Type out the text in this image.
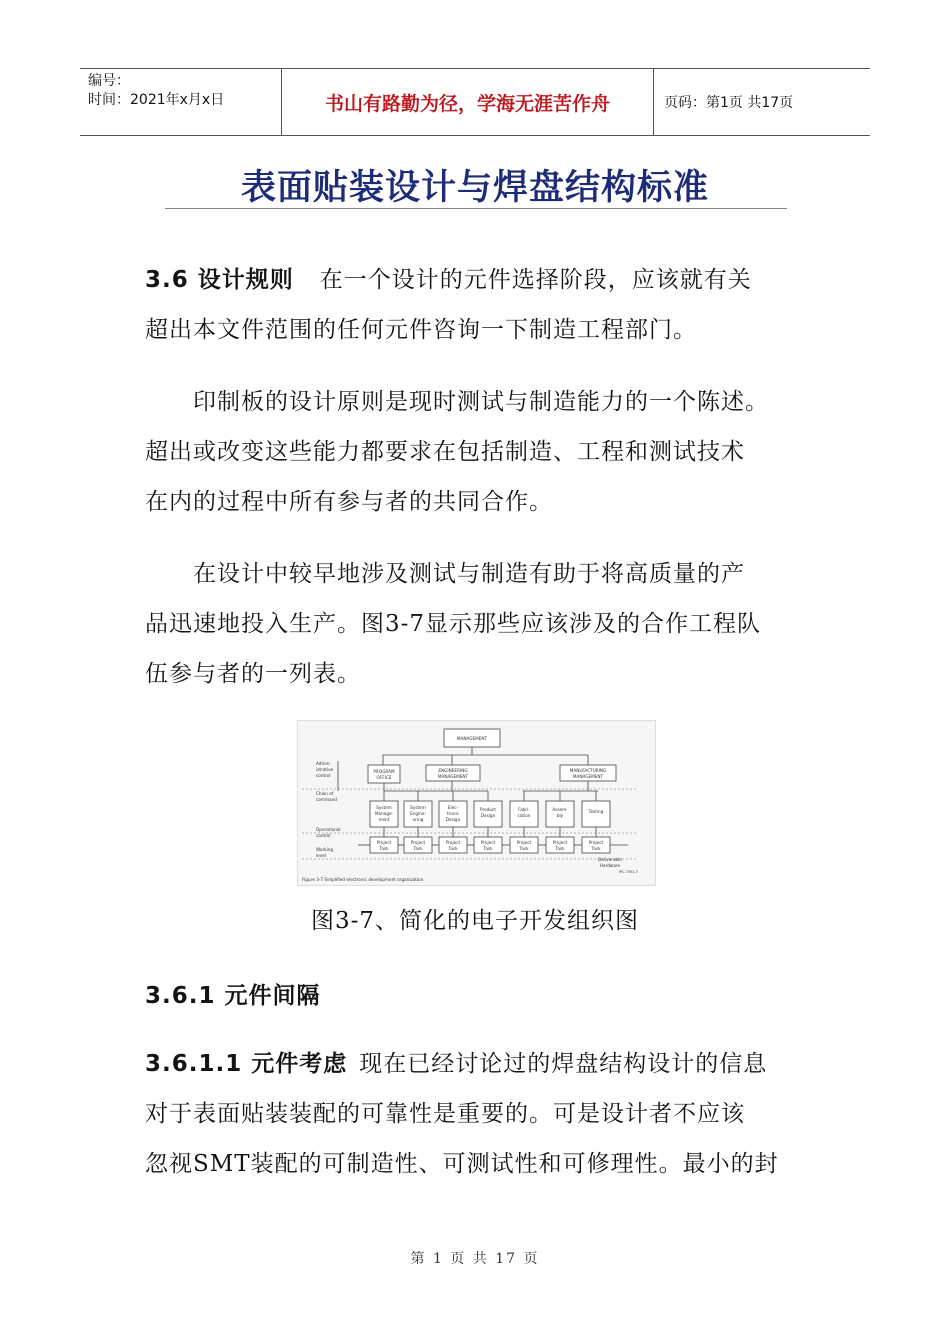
编号：
时间：2021年x月x日	书山有路勤为径，学海无涯苦作舟	页码：第1页 共17页
表面贴装设计与焊盘结构标准

3.6 设计规则 在一个设计的元件选择阶段，应该就有关

超出本文件范围的任何元件咨询一下制造工程部门。

印制板的设计原则是现时测试与制造能力的一个陈述。

超出或改变这些能力都要求在包括制造、工程和测试技术

在内的过程中所有参与者的共同合作。

在设计中较早地涉及测试与制造有助于将高质量的产

品迅速地投入生产。图3-7显示那些应该涉及的合作工程队

伍参与者的一列表。

MANAGEMENT
PROGRAM
OFFICE
ENGINEERING
MANAGEMENT
MANUFACTURING
MANAGEMENT
System
Manage-
ment
System
Engine-
ering
Elec-
tronic
Design
Product
Design
Fabri-
cation
Assem-
bly
Testing
Project
Task
Project
Task
Project
Task
Project
Task
Project
Task
Project
Task
Project
Task
Deliverable
Hardware
Admin-
istrative
control
Chain of
command
Operational
control
Working
level
Figure 3-7 Simplified electronic development organization
IPC-7351-7
图3-7、简化的电子开发组织图

3.6.1 元件间隔

3.6.1.1 元件考虑 现在已经讨论过的焊盘结构设计的信息

对于表面贴装装配的可靠性是重要的。可是设计者不应该

忽视SMT装配的可制造性、可测试性和可修理性。最小的封

第 1 页 共 17 页
